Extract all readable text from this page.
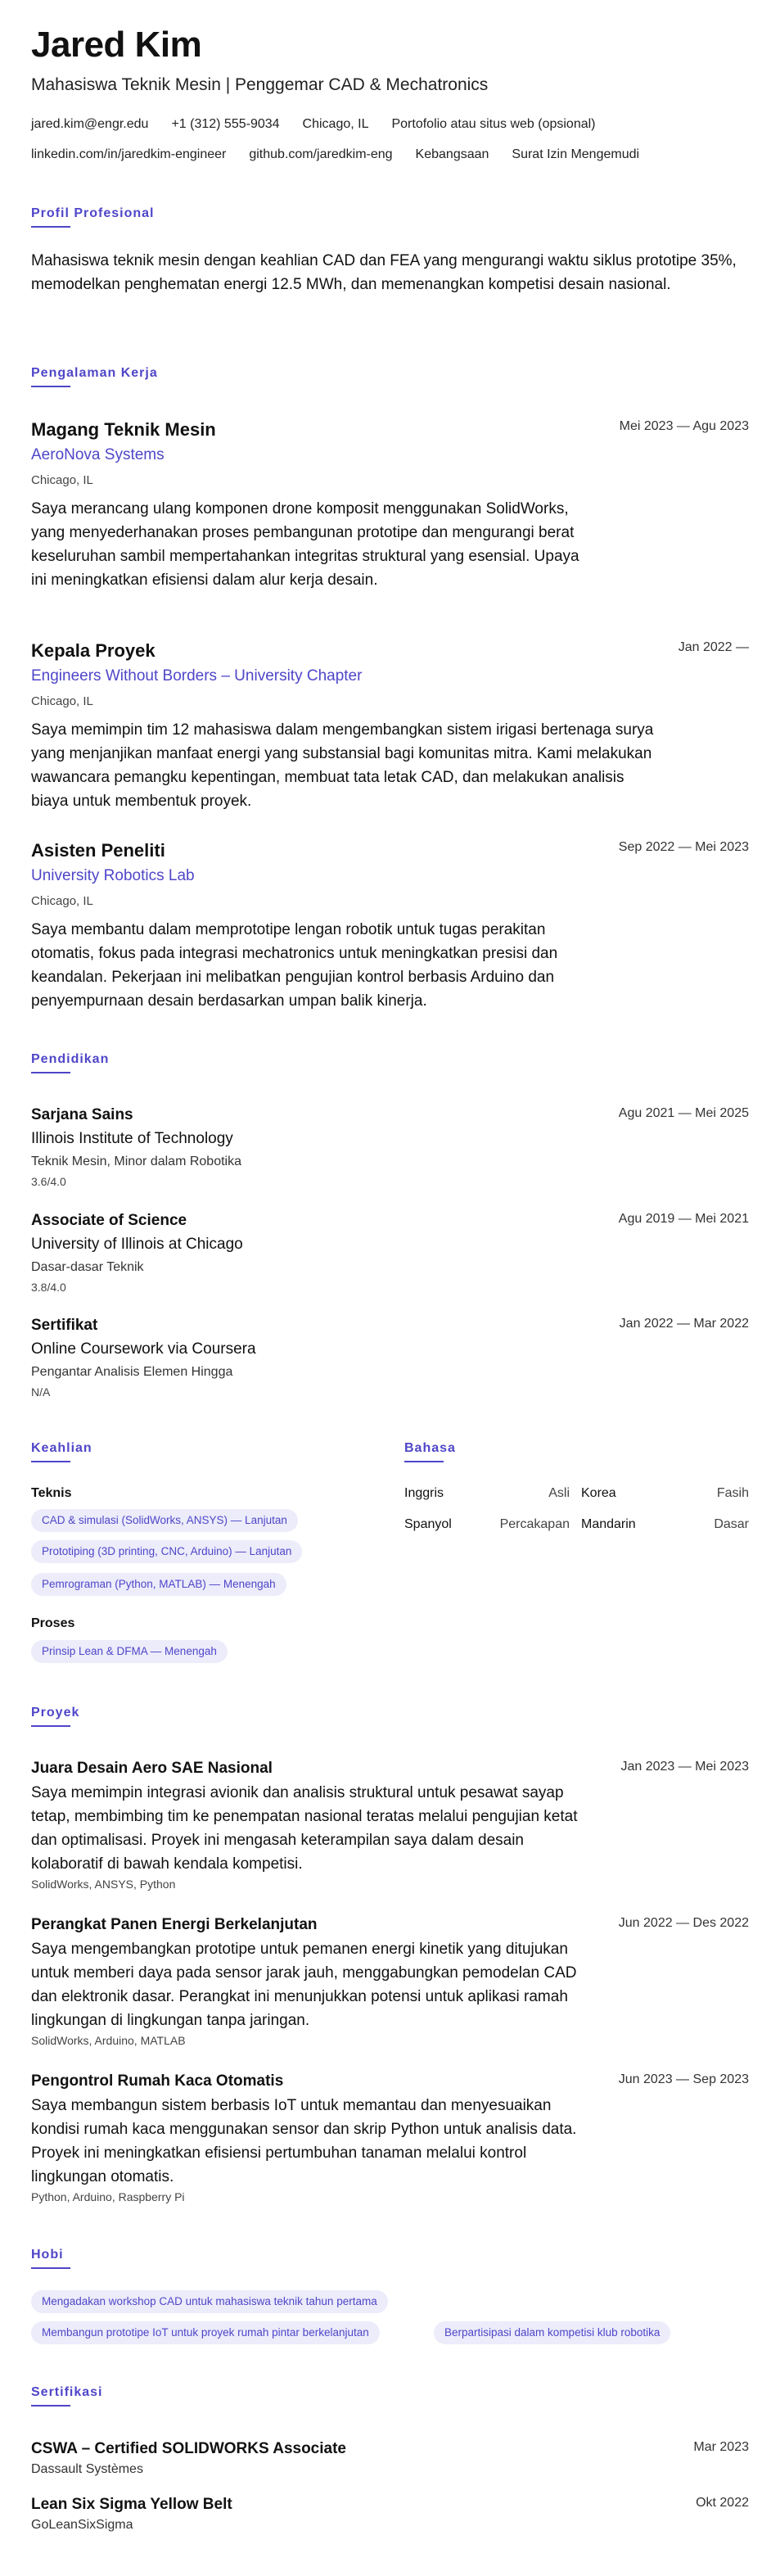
Jared Kim
Mahasiswa Teknik Mesin | Penggemar CAD & Mechatronics
jared.kim@engr.edu +1 (312) 555-9034 Chicago, IL Portofolio atau situs web (opsional)
linkedin.com/in/jaredkim-engineer github.com/jaredkim-eng Kebangsaan Surat Izin Mengemudi
Profil Profesional
Mahasiswa teknik mesin dengan keahlian CAD dan FEA yang mengurangi waktu siklus prototipe 35%, memodelkan penghematan energi 12.5 MWh, dan memenangkan kompetisi desain nasional.
Pengalaman Kerja
Magang Teknik Mesin	Mei 2023 — Agu 2023
AeroNova Systems
Chicago, IL
Saya merancang ulang komponen drone komposit menggunakan SolidWorks, yang menyederhanakan proses pembangunan prototipe dan mengurangi berat keseluruhan sambil mempertahankan integritas struktural yang esensial. Upaya ini meningkatkan efisiensi dalam alur kerja desain.
Kepala Proyek	Jan 2022 —
Engineers Without Borders – University Chapter
Chicago, IL
Saya memimpin tim 12 mahasiswa dalam mengembangkan sistem irigasi bertenaga surya yang menjanjikan manfaat energi yang substansial bagi komunitas mitra. Kami melakukan wawancara pemangku kepentingan, membuat tata letak CAD, dan melakukan analisis biaya untuk membentuk proyek.
Asisten Peneliti	Sep 2022 — Mei 2023
University Robotics Lab
Chicago, IL
Saya membantu dalam memprototipe lengan robotik untuk tugas perakitan otomatis, fokus pada integrasi mechatronics untuk meningkatkan presisi dan keandalan. Pekerjaan ini melibatkan pengujian kontrol berbasis Arduino dan penyempurnaan desain berdasarkan umpan balik kinerja.
Pendidikan
Sarjana Sains	Agu 2021 — Mei 2025
Illinois Institute of Technology
Teknik Mesin, Minor dalam Robotika
3.6/4.0
Associate of Science	Agu 2019 — Mei 2021
University of Illinois at Chicago
Dasar-dasar Teknik
3.8/4.0
Sertifikat	Jan 2022 — Mar 2022
Online Coursework via Coursera
Pengantar Analisis Elemen Hingga
N/A
Keahlian
Teknis
CAD & simulasi (SolidWorks, ANSYS) — Lanjutan
Prototiping (3D printing, CNC, Arduino) — Lanjutan
Pemrograman (Python, MATLAB) — Menengah
Proses
Prinsip Lean & DFMA — Menengah
Bahasa
Inggris	Asli Korea	Fasih
Spanyol	Percakapan Mandarin	Dasar
Proyek
Juara Desain Aero SAE Nasional	Jan 2023 — Mei 2023
Saya memimpin integrasi avionik dan analisis struktural untuk pesawat sayap tetap, membimbing tim ke penempatan nasional teratas melalui pengujian ketat dan optimalisasi. Proyek ini mengasah keterampilan saya dalam desain kolaboratif di bawah kendala kompetisi.
SolidWorks, ANSYS, Python
Perangkat Panen Energi Berkelanjutan	Jun 2022 — Des 2022
Saya mengembangkan prototipe untuk pemanen energi kinetik yang ditujukan untuk memberi daya pada sensor jarak jauh, menggabungkan pemodelan CAD dan elektronik dasar. Perangkat ini menunjukkan potensi untuk aplikasi ramah lingkungan di lingkungan tanpa jaringan.
SolidWorks, Arduino, MATLAB
Pengontrol Rumah Kaca Otomatis	Jun 2023 — Sep 2023
Saya membangun sistem berbasis IoT untuk memantau dan menyesuaikan kondisi rumah kaca menggunakan sensor dan skrip Python untuk analisis data. Proyek ini meningkatkan efisiensi pertumbuhan tanaman melalui kontrol lingkungan otomatis.
Python, Arduino, Raspberry Pi
Hobi
Mengadakan workshop CAD untuk mahasiswa teknik tahun pertama
Membangun prototipe IoT untuk proyek rumah pintar berkelanjutan	Berpartisipasi dalam kompetisi klub robotika
Sertifikasi
CSWA – Certified SOLIDWORKS Associate	Mar 2023
Dassault Systèmes
Lean Six Sigma Yellow Belt	Okt 2022
GoLeanSixSigma
